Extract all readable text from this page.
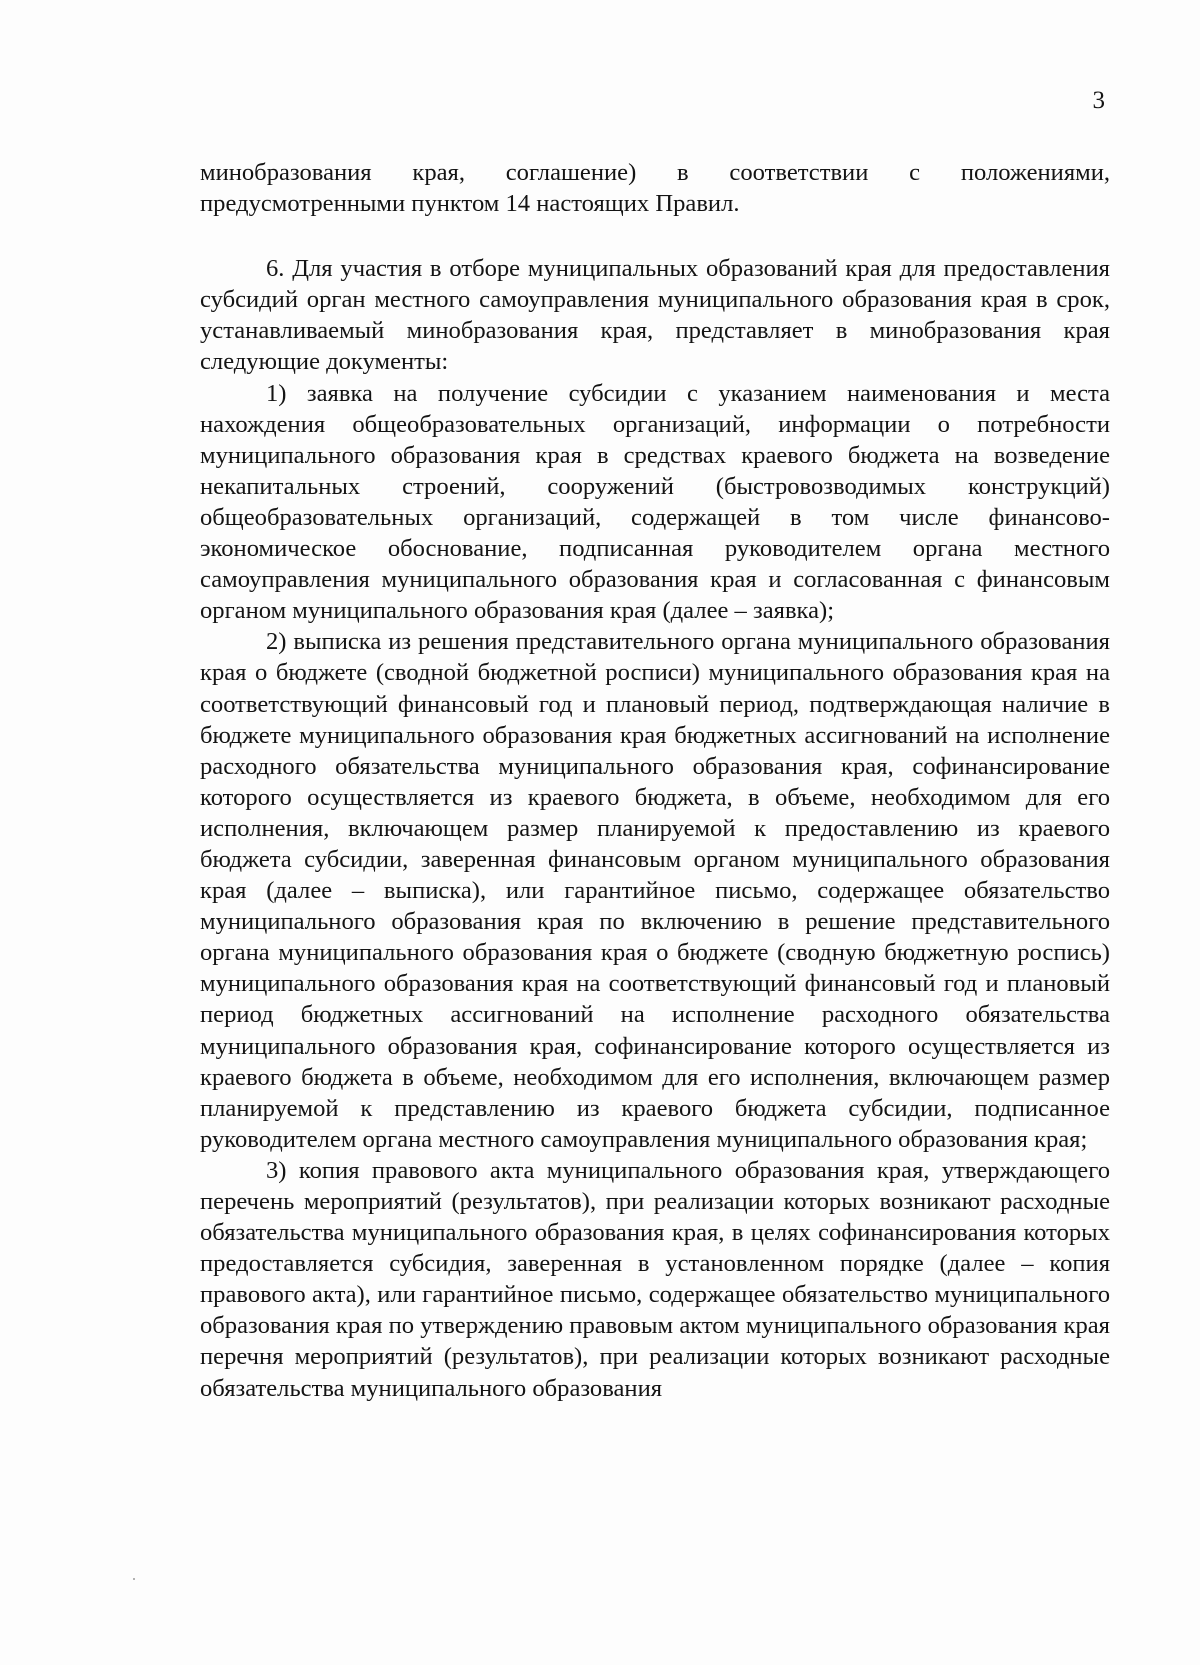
3

минобразования края, соглашение) в соответствии с положениями, предусмотренными пунктом 14 настоящих Правил.

6. Для участия в отборе муниципальных образований края для предоставления субсидий орган местного самоуправления муниципального образования края в срок, устанавливаемый минобразования края, представляет в минобразования края следующие документы:

1) заявка на получение субсидии с указанием наименования и места нахождения общеобразовательных организаций, информации о потребности муниципального образования края в средствах краевого бюджета на возведение некапитальных строений, сооружений (быстровозводимых конструкций) общеобразовательных организаций, содержащей в том числе финансово-экономическое обоснование, подписанная руководителем органа местного самоуправления муниципального образования края и согласованная с финансовым органом муниципального образования края (далее – заявка);

2) выписка из решения представительного органа муниципального образования края о бюджете (сводной бюджетной росписи) муниципального образования края на соответствующий финансовый год и плановый период, подтверждающая наличие в бюджете муниципального образования края бюджетных ассигнований на исполнение расходного обязательства муниципального образования края, софинансирование которого осуществляется из краевого бюджета, в объеме, необходимом для его исполнения, включающем размер планируемой к предоставлению из краевого бюджета субсидии, заверенная финансовым органом муниципального образования края (далее – выписка), или гарантийное письмо, содержащее обязательство муниципального образования края по включению в решение представительного органа муниципального образования края о бюджете (сводную бюджетную роспись) муниципального образования края на соответствующий финансовый год и плановый период бюджетных ассигнований на исполнение расходного обязательства муниципального образования края, софинансирование которого осуществляется из краевого бюджета в объеме, необходимом для его исполнения, включающем размер планируемой к представлению из краевого бюджета субсидии, подписанное руководителем органа местного самоуправления муниципального образования края;

3) копия правового акта муниципального образования края, утверждающего перечень мероприятий (результатов), при реализации которых возникают расходные обязательства муниципального образования края, в целях софинансирования которых предоставляется субсидия, заверенная в установленном порядке (далее – копия правового акта), или гарантийное письмо, содержащее обязательство муниципального образования края по утверждению правовым актом муниципального образования края перечня мероприятий (результатов), при реализации которых возникают расходные обязательства муниципального образования
